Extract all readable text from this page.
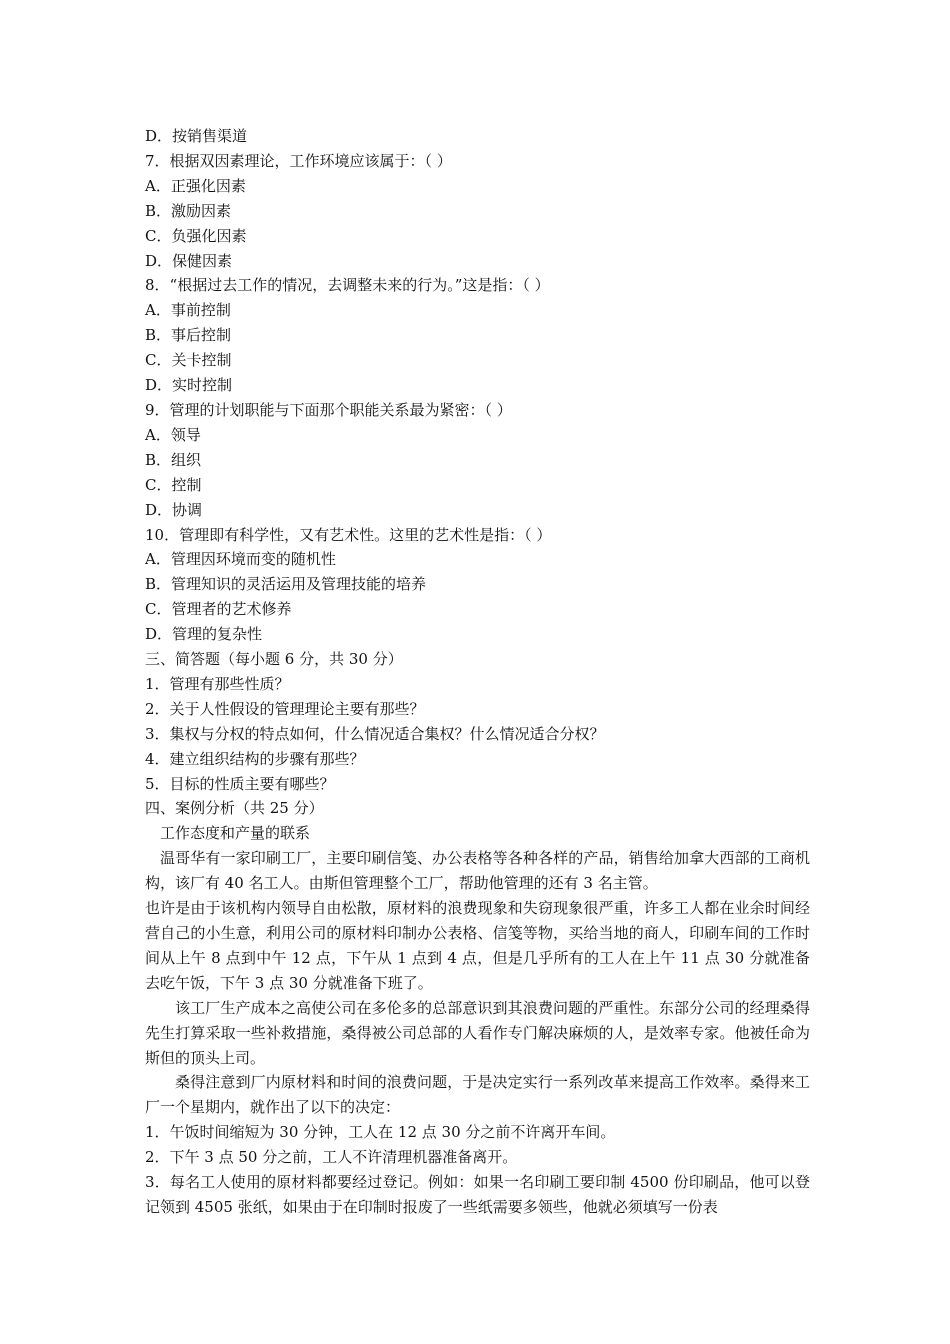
D．按销售渠道
7．根据双因素理论，工作环境应该属于：（ ）
A．正强化因素
B．激励因素
C．负强化因素
D．保健因素
8．“根据过去工作的情况，去调整未来的行为。”这是指：（ ）
A．事前控制
B．事后控制
C．关卡控制
D．实时控制
9．管理的计划职能与下面那个职能关系最为紧密：（ ）
A．领导
B．组织
C．控制
D．协调
10．管理即有科学性，又有艺术性。这里的艺术性是指：（ ）
A．管理因环境而变的随机性
B．管理知识的灵活运用及管理技能的培养
C．管理者的艺术修养
D．管理的复杂性
三、简答题（每小题 6 分，共 30 分）
1．管理有那些性质？
2．关于人性假设的管理理论主要有那些？
3．集权与分权的特点如何，什么情况适合集权？什么情况适合分权？
4．建立组织结构的步骤有那些？
5．目标的性质主要有哪些？
四、案例分析（共 25 分）
工作态度和产量的联系
温哥华有一家印刷工厂，主要印刷信笺、办公表格等各种各样的产品，销售给加拿大西部的工商机构，该厂有 40 名工人。由斯但管理整个工厂，帮助他管理的还有 3 名主管。
也许是由于该机构内领导自由松散，原材料的浪费现象和失窃现象很严重，许多工人都在业余时间经营自己的小生意，利用公司的原材料印制办公表格、信笺等物，买给当地的商人，印刷车间的工作时间从上午 8 点到中午 12 点，下午从 1 点到 4 点，但是几乎所有的工人在上午 11 点 30 分就准备去吃午饭，下午 3 点 30 分就准备下班了。
该工厂生产成本之高使公司在多伦多的总部意识到其浪费问题的严重性。东部分公司的经理桑得先生打算采取一些补救措施，桑得被公司总部的人看作专门解决麻烦的人，是效率专家。他被任命为斯但的顶头上司。
桑得注意到厂内原材料和时间的浪费问题，于是决定实行一系列改革来提高工作效率。桑得来工厂一个星期内，就作出了以下的决定：
1．午饭时间缩短为 30 分钟，工人在 12 点 30 分之前不许离开车间。
2．下午 3 点 50 分之前，工人不许清理机器准备离开。
3．每名工人使用的原材料都要经过登记。例如：如果一名印刷工要印制 4500 份印刷品，他可以登记领到 4505 张纸，如果由于在印制时报废了一些纸需要多领些，他就必须填写一份表
